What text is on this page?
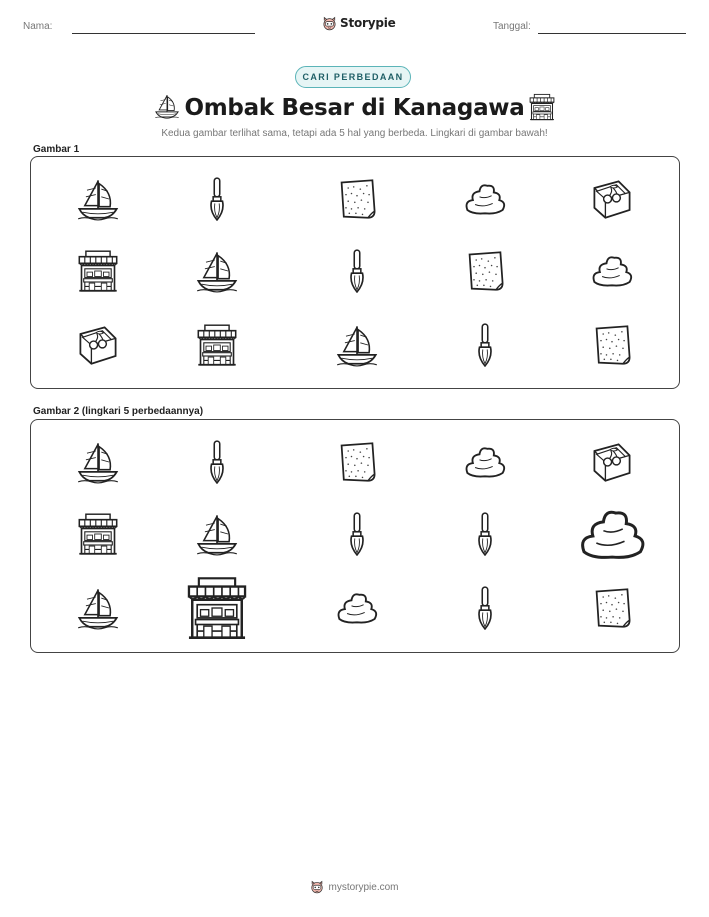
Nama:	Storypie	Tanggal:
CARI PERBEDAAN
Ombak Besar di Kanagawa
Kedua gambar terlihat sama, tetapi ada 5 hal yang berbeda. Lingkari di gambar bawah!
Gambar 1
Gambar 2 (lingkari 5 perbedaannya)
mystorypie.com
